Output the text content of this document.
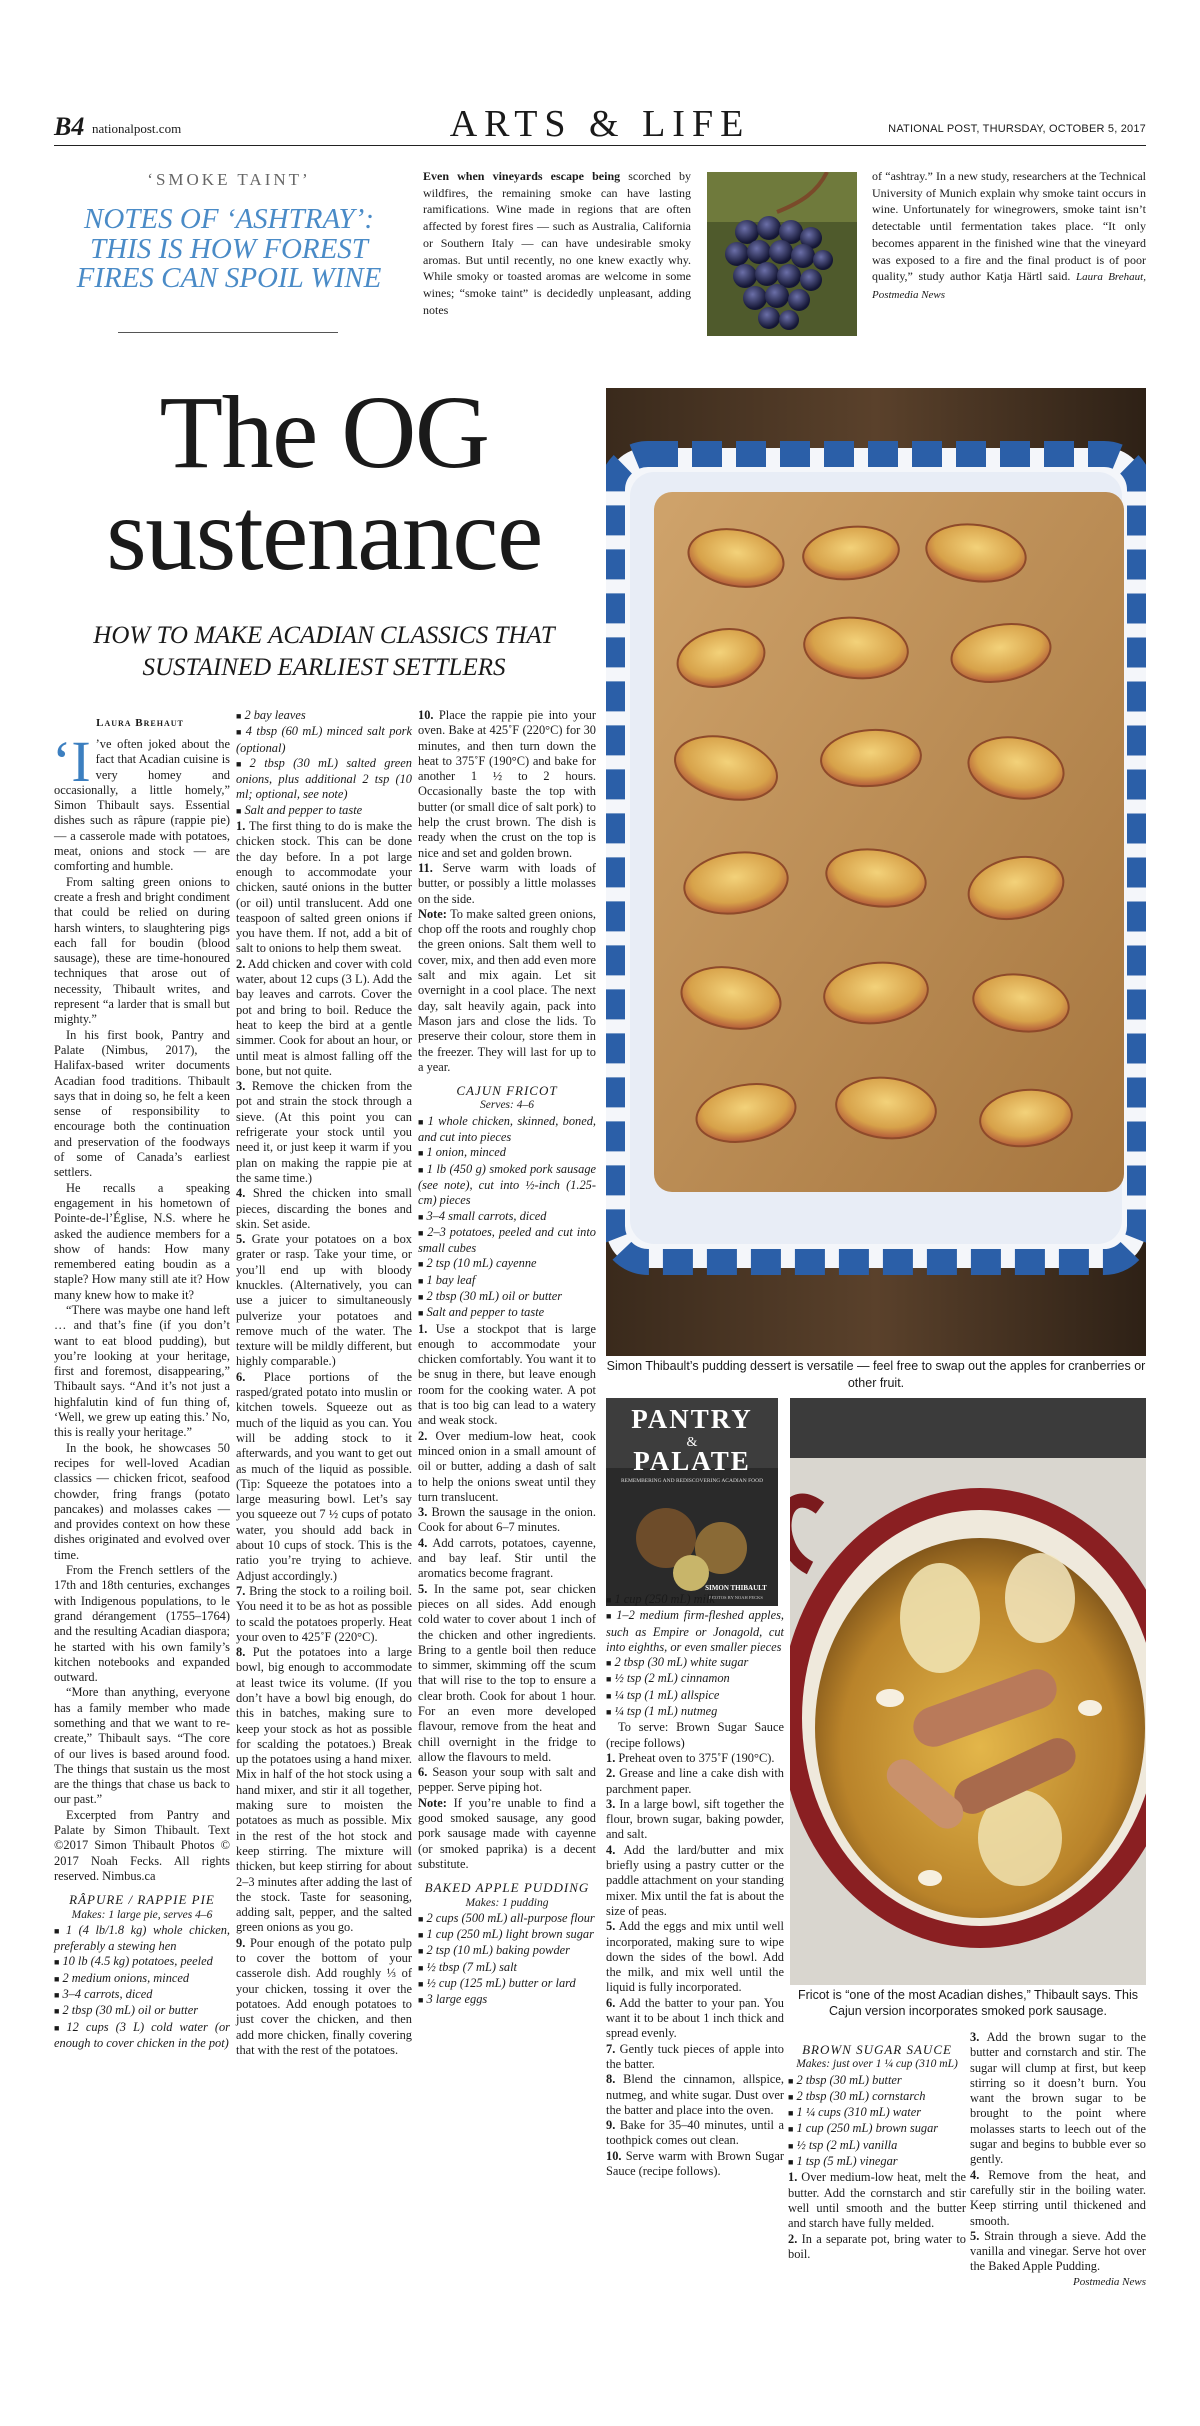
B4 nationalpost.com	ARTS & LIFE	NATIONAL POST, THURSDAY, OCTOBER 5, 2017
‘SMOKE TAINT’
NOTES OF ‘ASHTRAY’: THIS IS HOW FOREST FIRES CAN SPOIL WINE
Even when vineyards escape being scorched by wildfires, the remaining smoke can have lasting ramifications. Wine made in regions that are often affected by forest fires — such as Australia, California or Southern Italy — can have undesirable smoky aromas. But until recently, no one knew exactly why. While smoky or toasted aromas are welcome in some wines; “smoke taint” is decidedly unpleasant, adding notes
of “ashtray.” In a new study, researchers at the Technical University of Munich explain why smoke taint occurs in wine. Unfortunately for winegrowers, smoke taint isn’t detectable until fermentation takes place. “It only becomes apparent in the finished wine that the vineyard was exposed to a fire and the final product is of poor quality,” study author Katja Härtl said. Laura Brehaut, Postmedia News
The OG sustenance
HOW TO MAKE ACADIAN CLASSICS THAT SUSTAINED EARLIEST SETTLERS
Laura Brehaut

‘I ’ve often joked about the fact that Acadian cuisine is very homey and occasionally, a little homely,” Simon Thibault says. Essential dishes such as râpure (rappie pie) — a casserole made with potatoes, meat, onions and stock — are comforting and humble.

From salting green onions to create a fresh and bright condiment that could be relied on during harsh winters, to slaughtering pigs each fall for boudin (blood sausage), these are time-honoured techniques that arose out of necessity, Thibault writes, and represent “a larder that is small but mighty.”

In his first book, Pantry and Palate (Nimbus, 2017), the Halifax-based writer documents Acadian food traditions. Thibault says that in doing so, he felt a keen sense of responsibility to encourage both the continuation and preservation of the foodways of some of Canada’s earliest settlers.

He recalls a speaking engagement in his hometown of Pointe-de-l’Église, N.S. where he asked the audience members for a show of hands: How many remembered eating boudin as a staple? How many still ate it? How many knew how to make it?

“There was maybe one hand left … and that’s fine (if you don’t want to eat blood pudding), but you’re looking at your heritage, first and foremost, disappearing,” Thibault says. “And it’s not just a highfalutin kind of fun thing of, ‘Well, we grew up eating this.’ No, this is really your heritage.”

In the book, he showcases 50 recipes for well-loved Acadian classics — chicken fricot, seafood chowder, fring frangs (potato pancakes) and molasses cakes — and provides context on how these dishes originated and evolved over time.

From the French settlers of the 17th and 18th centuries, exchanges with Indigenous populations, to le grand dérangement (1755–1764) and the resulting Acadian diaspora; he started with his own family’s kitchen notebooks and expanded outward.

“More than anything, everyone has a family member who made something and that we want to re-create,” Thibault says. “The core of our lives is based around food. The things that sustain us the most are the things that chase us back to our past.”

Excerpted from Pantry and Palate by Simon Thibault. Text ©2017 Simon Thibault Photos © 2017 Noah Fecks. All rights reserved. Nimbus.ca

RÂPURE / RAPPIE PIE
Makes: 1 large pie, serves 4–6
■ 1 (4 lb/1.8 kg) whole chicken, preferably a stewing hen
■ 10 lb (4.5 kg) potatoes, peeled
■ 2 medium onions, minced
■ 3–4 carrots, diced
■ 2 tbsp (30 mL) oil or butter
■ 12 cups (3 L) cold water (or enough to cover chicken in the pot)
■ 2 bay leaves
■ 4 tbsp (60 mL) minced salt pork (optional)
■ 2 tbsp (30 mL) salted green onions, plus additional 2 tsp (10 ml; optional, see note)
■ Salt and pepper to taste

1. The first thing to do is make the chicken stock. This can be done the day before. In a pot large enough to accommodate your chicken, sauté onions in the butter (or oil) until translucent. Add one teaspoon of salted green onions if you have them. If not, add a bit of salt to onions to help them sweat.

2. Add chicken and cover with cold water, about 12 cups (3 L). Add the bay leaves and carrots. Cover the pot and bring to boil. Reduce the heat to keep the bird at a gentle simmer. Cook for about an hour, or until meat is almost falling off the bone, but not quite.

3. Remove the chicken from the pot and strain the stock through a sieve. (At this point you can refrigerate your stock until you need it, or just keep it warm if you plan on making the rappie pie at the same time.)

4. Shred the chicken into small pieces, discarding the bones and skin. Set aside.

5. Grate your potatoes on a box grater or rasp. Take your time, or you’ll end up with bloody knuckles. (Alternatively, you can use a juicer to simultaneously pulverize your potatoes and remove much of the water. The texture will be mildly different, but highly comparable.)

6. Place portions of the rasped/grated potato into muslin or kitchen towels. Squeeze out as much of the liquid as you can. You will be adding stock to it afterwards, and you want to get out as much of the liquid as possible. (Tip: Squeeze the potatoes into a large measuring bowl. Let’s say you squeeze out 7 ½ cups of potato water, you should add back in about 10 cups of stock. This is the ratio you’re trying to achieve. Adjust accordingly.)

7. Bring the stock to a roiling boil. You need it to be as hot as possible to scald the potatoes properly. Heat your oven to 425˚F (220°C).

8. Put the potatoes into a large bowl, big enough to accommodate at least twice its volume. (If you don’t have a bowl big enough, do this in batches, making sure to keep your stock as hot as possible for scalding the potatoes.) Break up the potatoes using a hand mixer. Mix in half of the hot stock using a hand mixer, and stir it all together, making sure to moisten the potatoes as much as possible. Mix in the rest of the hot stock and keep stirring. The mixture will thicken, but keep stirring for about 2–3 minutes after adding the last of the stock. Taste for seasoning, adding salt, pepper, and the salted green onions as you go.

9. Pour enough of the potato pulp to cover the bottom of your casserole dish. Add roughly ⅓ of your chicken, tossing it over the potatoes. Add enough potatoes to just cover the chicken, and then add more chicken, finally covering that with the rest of the potatoes.

10. Place the rappie pie into your oven. Bake at 425˚F (220°C) for 30 minutes, and then turn down the heat to 375˚F (190°C) and bake for another 1 ½ to 2 hours. Occasionally baste the top with butter (or small dice of salt pork) to help the crust brown. The dish is ready when the crust on the top is nice and set and golden brown.

11. Serve warm with loads of butter, or possibly a little molasses on the side.

Note: To make salted green onions, chop off the roots and roughly chop the green onions. Salt them well to cover, mix, and then add even more salt and mix again. Let sit overnight in a cool place. The next day, salt heavily again, pack into Mason jars and close the lids. To preserve their colour, store them in the freezer. They will last for up to a year.

CAJUN FRICOT
Serves: 4–6
■ 1 whole chicken, skinned, boned, and cut into pieces
■ 1 onion, minced
■ 1 lb (450 g) smoked pork sausage (see note), cut into ½-inch (1.25-cm) pieces
■ 3–4 small carrots, diced
■ 2–3 potatoes, peeled and cut into small cubes
■ 2 tsp (10 mL) cayenne
■ 1 bay leaf
■ 2 tbsp (30 mL) oil or butter
■ Salt and pepper to taste

1. Use a stockpot that is large enough to accommodate your chicken comfortably. You want it to be snug in there, but leave enough room for the cooking water. A pot that is too big can lead to a watery and weak stock.

2. Over medium-low heat, cook minced onion in a small amount of oil or butter, adding a dash of salt to help the onions sweat until they turn translucent.

3. Brown the sausage in the onion. Cook for about 6–7 minutes.

4. Add carrots, potatoes, cayenne, and bay leaf. Stir until the aromatics become fragrant.

5. In the same pot, sear chicken pieces on all sides. Add enough cold water to cover about 1 inch of the chicken and other ingredients. Bring to a gentle boil then reduce to simmer, skimming off the scum that will rise to the top to ensure a clear broth. Cook for about 1 hour. For an even more developed flavour, remove from the heat and chill overnight in the fridge to allow the flavours to meld.

6. Season your soup with salt and pepper. Serve piping hot.

Note: If you’re unable to find a good smoked sausage, any good pork sausage made with cayenne (or smoked paprika) is a decent substitute.

BAKED APPLE PUDDING
Makes: 1 pudding
■ 2 cups (500 mL) all-purpose flour
■ 1 cup (250 mL) light brown sugar
■ 2 tsp (10 mL) baking powder
■ ½ tbsp (7 mL) salt
■ ½ cup (125 mL) butter or lard
■ 3 large eggs
Simon Thibault’s pudding dessert is versatile — feel free to swap out the apples for cranberries or other fruit.
PANTRY
&
PALATE
REMEMBERING AND REDISCOVERING ACADIAN FOOD
SIMON THIBAULT
PHOTOS BY NOAH FECKS
Fricot is “one of the most Acadian dishes,” Thibault says. This Cajun version incorporates smoked pork sausage.
■ 1 cup (250 mL) milk
■ 1–2 medium firm-fleshed apples, such as Empire or Jonagold, cut into eighths, or even smaller pieces
■ 2 tbsp (30 mL) white sugar
■ ½ tsp (2 mL) cinnamon
■ ¼ tsp (1 mL) allspice
■ ¼ tsp (1 mL) nutmeg

To serve: Brown Sugar Sauce (recipe follows)

1. Preheat oven to 375˚F (190°C).

2. Grease and line a cake dish with parchment paper.

3. In a large bowl, sift together the flour, brown sugar, baking powder, and salt.

4. Add the lard/butter and mix briefly using a pastry cutter or the paddle attachment on your standing mixer. Mix until the fat is about the size of peas.

5. Add the eggs and mix until well incorporated, making sure to wipe down the sides of the bowl. Add the milk, and mix well until the liquid is fully incorporated.

6. Add the batter to your pan. You want it to be about 1 inch thick and spread evenly.

7. Gently tuck pieces of apple into the batter.

8. Blend the cinnamon, allspice, nutmeg, and white sugar. Dust over the batter and place into the oven.

9. Bake for 35–40 minutes, until a toothpick comes out clean.

10. Serve warm with Brown Sugar Sauce (recipe follows).

BROWN SUGAR SAUCE
Makes: just over 1 ¼ cup (310 mL)
■ 2 tbsp (30 mL) butter
■ 2 tbsp (30 mL) cornstarch
■ 1 ¼ cups (310 mL) water
■ 1 cup (250 mL) brown sugar
■ ½ tsp (2 mL) vanilla
■ 1 tsp (5 mL) vinegar

1. Over medium-low heat, melt the butter. Add the cornstarch and stir well until smooth and the butter and starch have fully melded.

2. In a separate pot, bring water to boil.

3. Add the brown sugar to the butter and cornstarch and stir. The sugar will clump at first, but keep stirring so it doesn’t burn. You want the brown sugar to be brought to the point where molasses starts to leech out of the sugar and begins to bubble ever so gently.

4. Remove from the heat, and carefully stir in the boiling water. Keep stirring until thickened and smooth.

5. Strain through a sieve. Add the vanilla and vinegar. Serve hot over the Baked Apple Pudding.

Postmedia News
